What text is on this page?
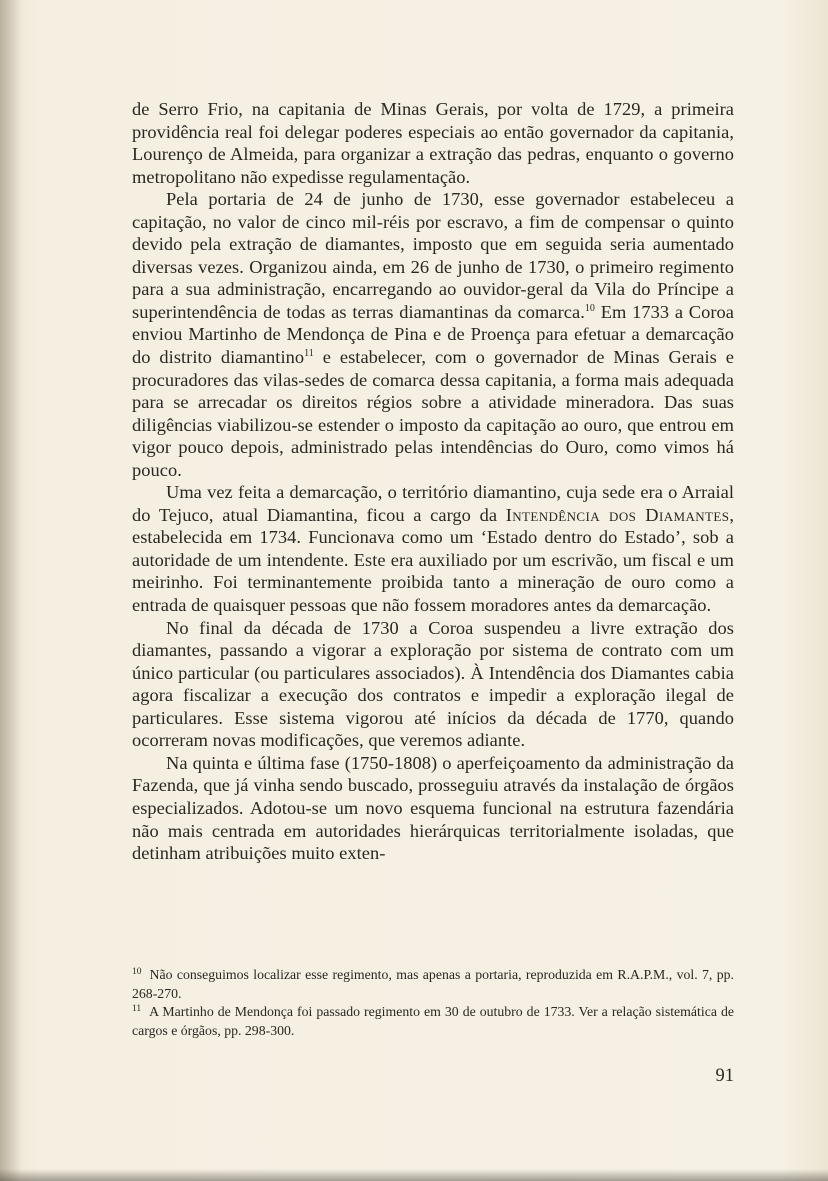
de Serro Frio, na capitania de Minas Gerais, por volta de 1729, a primeira providência real foi delegar poderes especiais ao então governador da capitania, Lourenço de Almeida, para organizar a extração das pedras, enquanto o governo metropolitano não expedisse regulamentação.

Pela portaria de 24 de junho de 1730, esse governador estabeleceu a capitação, no valor de cinco mil-réis por escravo, a fim de compensar o quinto devido pela extração de diamantes, imposto que em seguida seria aumentado diversas vezes. Organizou ainda, em 26 de junho de 1730, o primeiro regimento para a sua administração, encarregando ao ouvidor-geral da Vila do Príncipe a superintendência de todas as terras diamantinas da comarca.$^{10}$ Em 1733 a Coroa enviou Martinho de Mendonça de Pina e de Proença para efetuar a demarcação do distrito diamantino$^{11}$ e estabelecer, com o governador de Minas Gerais e procuradores das vilas-sedes de comarca dessa capitania, a forma mais adequada para se arrecadar os direitos régios sobre a atividade mineradora. Das suas diligências viabilizou-se estender o imposto da capitação ao ouro, que entrou em vigor pouco depois, administrado pelas intendências do Ouro, como vimos há pouco.

Uma vez feita a demarcação, o território diamantino, cuja sede era o Arraial do Tejuco, atual Diamantina, ficou a cargo da Intendência dos Diamantes, estabelecida em 1734. Funcionava como um ‘Estado dentro do Estado’, sob a autoridade de um intendente. Este era auxiliado por um escrivão, um fiscal e um meirinho. Foi terminantemente proibida tanto a mineração de ouro como a entrada de quaisquer pessoas que não fossem moradores antes da demarcação.

No final da década de 1730 a Coroa suspendeu a livre extração dos diamantes, passando a vigorar a exploração por sistema de contrato com um único particular (ou particulares associados). À Intendência dos Diamantes cabia agora fiscalizar a execução dos contratos e impedir a exploração ilegal de particulares. Esse sistema vigorou até inícios da década de 1770, quando ocorreram novas modificações, que veremos adiante.

Na quinta e última fase (1750-1808) o aperfeiçoamento da administração da Fazenda, que já vinha sendo buscado, prosseguiu através da instalação de órgãos especializados. Adotou-se um novo esquema funcional na estrutura fazendária não mais centrada em autoridades hierárquicas territorialmente isoladas, que detinham atribuições muito exten-

$^{10}$ Não conseguimos localizar esse regimento, mas apenas a portaria, reproduzida em R.A.P.M., vol. 7, pp. 268-270.

$^{11}$ A Martinho de Mendonça foi passado regimento em 30 de outubro de 1733. Ver a relação sistemática de cargos e órgãos, pp. 298-300.

91
